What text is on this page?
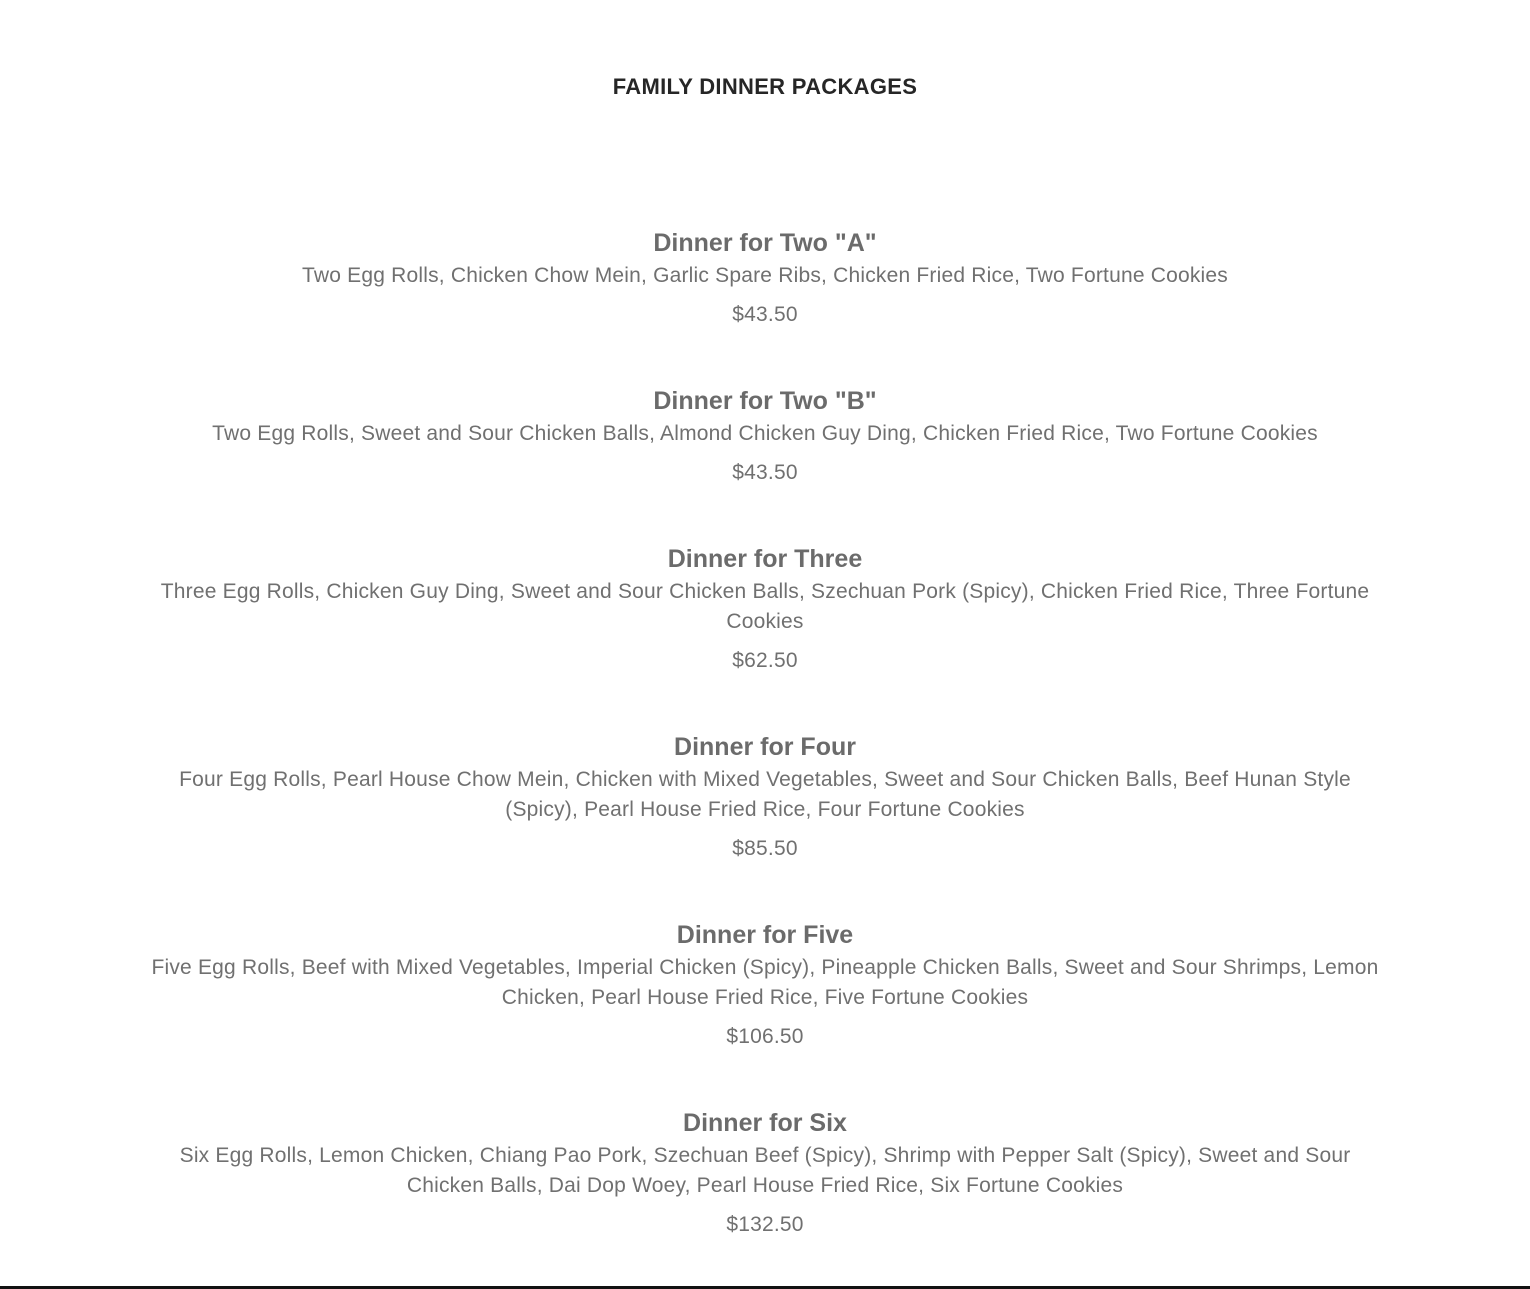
FAMILY DINNER PACKAGES
Dinner for Two "A"

Two Egg Rolls, Chicken Chow Mein, Garlic Spare Ribs, Chicken Fried Rice, Two Fortune Cookies

$43.50

Dinner for Two "B"

Two Egg Rolls, Sweet and Sour Chicken Balls, Almond Chicken Guy Ding, Chicken Fried Rice, Two Fortune Cookies

$43.50

Dinner for Three

Three Egg Rolls, Chicken Guy Ding, Sweet and Sour Chicken Balls, Szechuan Pork (Spicy), Chicken Fried Rice, Three Fortune Cookies

$62.50

Dinner for Four

Four Egg Rolls, Pearl House Chow Mein, Chicken with Mixed Vegetables, Sweet and Sour Chicken Balls, Beef Hunan Style (Spicy), Pearl House Fried Rice, Four Fortune Cookies

$85.50

Dinner for Five

Five Egg Rolls, Beef with Mixed Vegetables, Imperial Chicken (Spicy), Pineapple Chicken Balls, Sweet and Sour Shrimps, Lemon Chicken, Pearl House Fried Rice, Five Fortune Cookies

$106.50

Dinner for Six

Six Egg Rolls, Lemon Chicken, Chiang Pao Pork, Szechuan Beef (Spicy), Shrimp with Pepper Salt (Spicy), Sweet and Sour Chicken Balls, Dai Dop Woey, Pearl House Fried Rice, Six Fortune Cookies

$132.50
